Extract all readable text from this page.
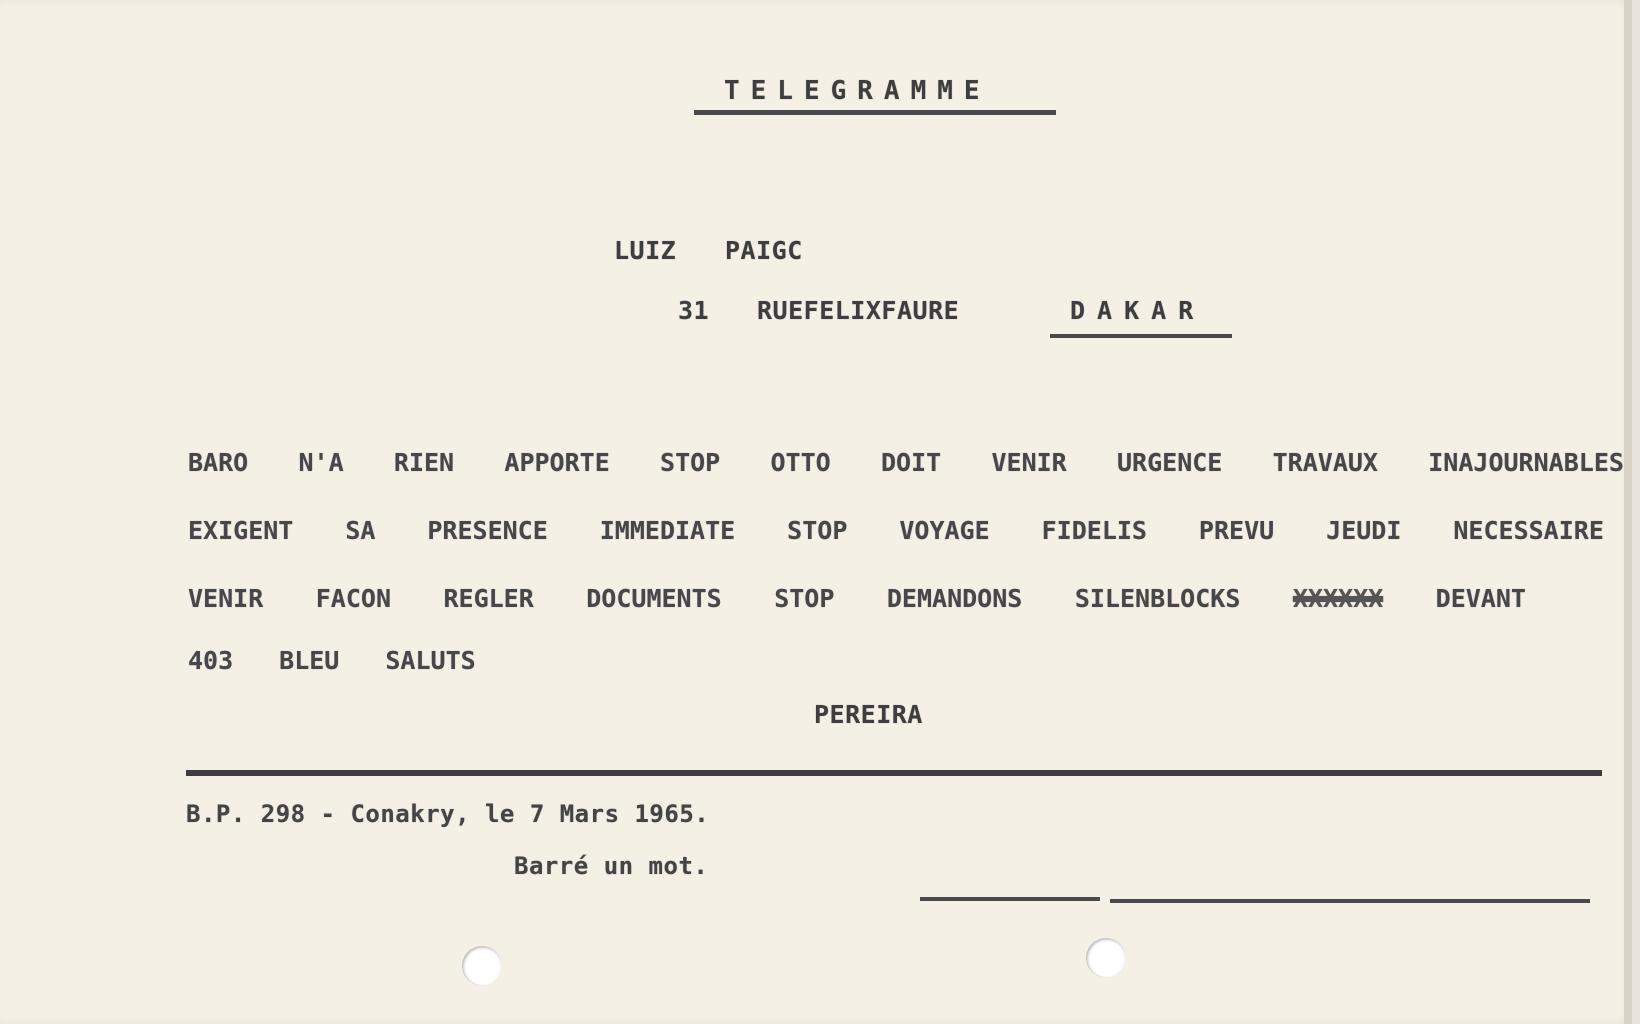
TELEGRAMME
LUIZ PAIGC
31 RUEFELIXFAURE	DAKAR
BARO N'A RIEN APPORTE STOP OTTO DOIT VENIR URGENCE TRAVAUX INAJOURNABLES
EXIGENT SA PRESENCE IMMEDIATE STOP VOYAGE FIDELIS PREVU JEUDI NECESSAIRE
VENIR FACON REGLER DOCUMENTS STOP DEMANDONS SILENBLOCKS XXXXXX DEVANT
403 BLEU SALUTS
PEREIRA
B.P. 298 - Conakry, le 7 Mars 1965.
Barré un mot.
